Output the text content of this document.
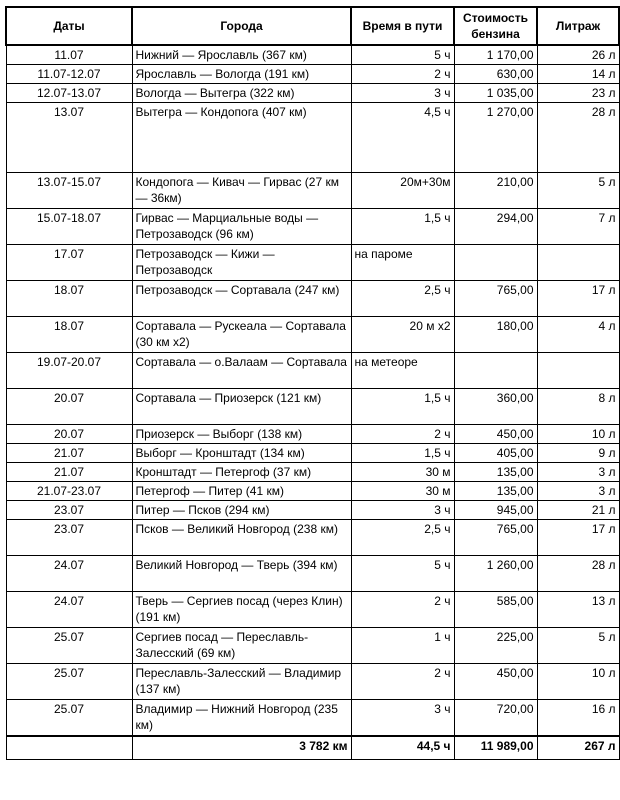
Даты	Города	Время в пути	Стоимость бензина	Литраж	
11.07	Нижний — Ярославль (367 км)	5 ч	1 170,00	26 л	
11.07-12.07	Ярославль — Вологда (191 км)	2 ч	630,00	14 л	
12.07-13.07	Вологда — Вытегра (322 км)	3 ч	1 035,00	23 л	
13.07	Вытегра — Кондопога (407 км)	4,5 ч	1 270,00	28 л	
13.07-15.07	Кондопога — Кивач — Гирвас (27 км — 36км)	20м+30м	210,00	5 л	
15.07-18.07	Гирвас — Марциальные воды — Петрозаводск (96 км)	1,5 ч	294,00	7 л	
17.07	Петрозаводск — Кижи — Петрозаводск	на пароме			
18.07	Петрозаводск — Сортавала (247 км)	2,5 ч	765,00	17 л	
18.07	Сортавала — Рускеала — Сортавала (30 км х2)	20 м х2	180,00	4 л	
19.07-20.07	Сортавала — о.Валаам — Сортавала	на метеоре			
20.07	Сортавала — Приозерск (121 км)	1,5 ч	360,00	8 л	
20.07	Приозерск — Выборг (138 км)	2 ч	450,00	10 л	
21.07	Выборг — Кронштадт (134 км)	1,5 ч	405,00	9 л	
21.07	Кронштадт — Петергоф (37 км)	30 м	135,00	3 л	
21.07-23.07	Петергоф — Питер (41 км)	30 м	135,00	3 л	
23.07	Питер — Псков (294 км)	3 ч	945,00	21 л	
23.07	Псков — Великий Новгород (238 км)	2,5 ч	765,00	17 л	
24.07	Великий Новгород — Тверь (394 км)	5 ч	1 260,00	28 л	
24.07	Тверь — Сергиев посад (через Клин) (191 км)	2 ч	585,00	13 л	
25.07	Сергиев посад — Переславль-Залесский (69 км)	1 ч	225,00	5 л	
25.07	Переславль-Залесский — Владимир (137 км)	2 ч	450,00	10 л	
25.07	Владимир — Нижний Новгород (235 км)	3 ч	720,00	16 л	
	3 782 км	44,5 ч	11 989,00	267 л	
